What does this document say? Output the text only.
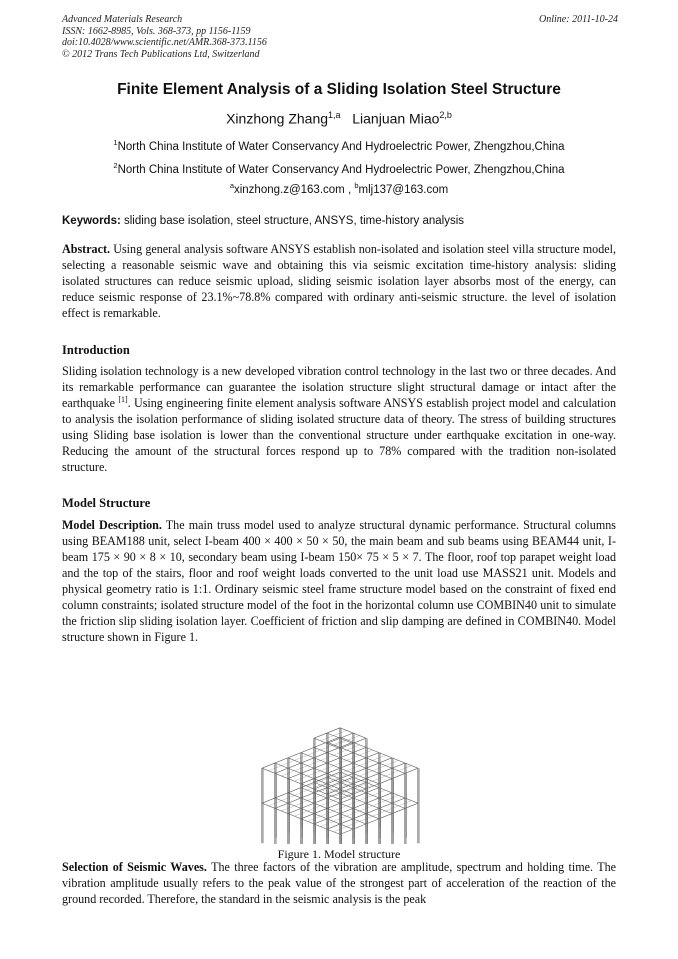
Advanced Materials Research
ISSN: 1662-8985, Vols. 368-373, pp 1156-1159
doi:10.4028/www.scientific.net/AMR.368-373.1156
© 2012 Trans Tech Publications Ltd, Switzerland
Online: 2011-10-24
Finite Element Analysis of a Sliding Isolation Steel Structure
Xinzhong Zhang$^{1,a}$ Lianjuan Miao$^{2,b}$
$^1$North China Institute of Water Conservancy And Hydroelectric Power, Zhengzhou,China
$^2$North China Institute of Water Conservancy And Hydroelectric Power, Zhengzhou,China
$^a$xinzhong.z@163.com , $^b$mlj137@163.com
Keywords: sliding base isolation, steel structure, ANSYS, time-history analysis
Abstract. Using general analysis software ANSYS establish non-isolated and isolation steel villa structure model, selecting a reasonable seismic wave and obtaining this via seismic excitation time-history analysis: sliding isolated structures can reduce seismic upload, sliding seismic isolation layer absorbs most of the energy, can reduce seismic response of 23.1%~78.8% compared with ordinary anti-seismic structure. the level of isolation effect is remarkable.
Introduction
Sliding isolation technology is a new developed vibration control technology in the last two or three decades. And its remarkable performance can guarantee the isolation structure slight structural damage or intact after the earthquake [1]. Using engineering finite element analysis software ANSYS establish project model and calculation to analysis the isolation performance of sliding isolated structure data of theory. The stress of building structures using Sliding base isolation is lower than the conventional structure under earthquake excitation in one-way. Reducing the amount of the structural forces respond up to 78% compared with the tradition non-isolated structure.
Model Structure
Model Description. The main truss model used to analyze structural dynamic performance. Structural columns using BEAM188 unit, select I-beam 400 × 400 × 50 × 50, the main beam and sub beams using BEAM44 unit, I-beam 175 × 90 × 8 × 10, secondary beam using I-beam 150× 75 × 5 × 7. The floor, roof top parapet weight load and the top of the stairs, floor and roof weight loads converted to the unit load use MASS21 unit. Models and physical geometry ratio is 1:1. Ordinary seismic steel frame structure model based on the constraint of fixed end column constraints; isolated structure model of the foot in the horizontal column use COMBIN40 unit to simulate the friction slip sliding isolation layer. Coefficient of friction and slip damping are defined in COMBIN40. Model structure shown in Figure 1.
Figure 1. Model structure
Selection of Seismic Waves. The three factors of the vibration are amplitude, spectrum and holding time. The vibration amplitude usually refers to the peak value of the strongest part of acceleration of the reaction of the ground recorded. Therefore, the standard in the seismic analysis is the peak
